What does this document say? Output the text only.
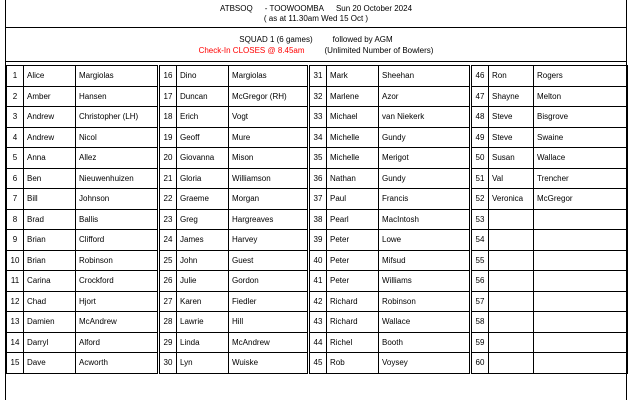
ATBSOQ - TOOWOOMBA Sun 20 October 2024
( as at 11.30am Wed 15 Oct )
SQUAD 1 (6 games)	followed by AGM
Check-In CLOSES @ 8.45am	(Unlimited Number of Bowlers)
1	Alice	Margiolas		16	Dino	Margiolas		31	Mark	Sheehan		46	Ron	Rogers
2	Amber	Hansen		17	Duncan	McGregor (RH)		32	Marlene	Azor		47	Shayne	Melton
3	Andrew	Christopher (LH)		18	Erich	Vogt		33	Michael	van Niekerk		48	Steve	Bisgrove
4	Andrew	Nicol		19	Geoff	Mure		34	Michelle	Gundy		49	Steve	Swaine
5	Anna	Allez		20	Giovanna	Mison		35	Michelle	Merigot		50	Susan	Wallace
6	Ben	Nieuwenhuizen		21	Gloria	Williamson		36	Nathan	Gundy		51	Val	Trencher
7	Bill	Johnson		22	Graeme	Morgan		37	Paul	Francis		52	Veronica	McGregor
8	Brad	Ballis		23	Greg	Hargreaves		38	Pearl	MacIntosh		53		
9	Brian	Clifford		24	James	Harvey		39	Peter	Lowe		54		
10	Brian	Robinson		25	John	Guest		40	Peter	Mifsud		55		
11	Carina	Crockford		26	Julie	Gordon		41	Peter	Williams		56		
12	Chad	Hjort		27	Karen	Fiedler		42	Richard	Robinson		57		
13	Damien	McAndrew		28	Lawrie	Hill		43	Richard	Wallace		58		
14	Darryl	Alford		29	Linda	McAndrew		44	Richel	Booth		59		
15	Dave	Acworth		30	Lyn	Wuiske		45	Rob	Voysey		60		
